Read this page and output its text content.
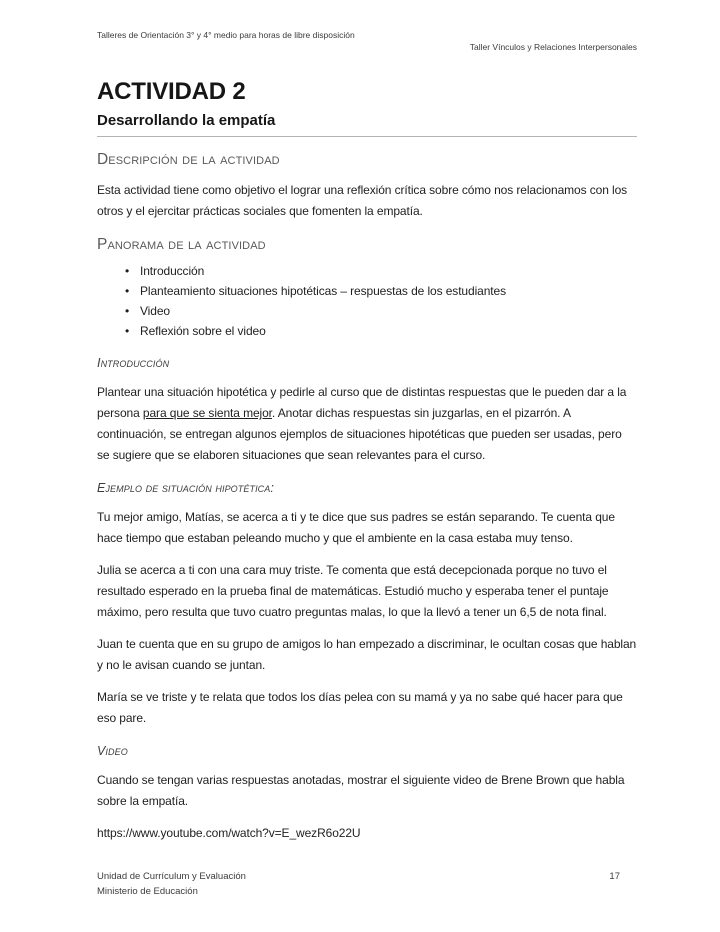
Talleres de Orientación 3° y 4° medio para horas de libre disposición
Taller Vínculos y Relaciones Interpersonales
ACTIVIDAD 2
Desarrollando la empatía
Descripción de la actividad

Esta actividad tiene como objetivo el lograr una reflexión crítica sobre cómo nos relacionamos con los otros y el ejercitar prácticas sociales que fomenten la empatía.

Panorama de la actividad
• Introducción
• Planteamiento situaciones hipotéticas – respuestas de los estudiantes
• Video
• Reflexión sobre el video
Introducción

Plantear una situación hipotética y pedirle al curso que de distintas respuestas que le pueden dar a la persona para que se sienta mejor. Anotar dichas respuestas sin juzgarlas, en el pizarrón. A continuación, se entregan algunos ejemplos de situaciones hipotéticas que pueden ser usadas, pero se sugiere que se elaboren situaciones que sean relevantes para el curso.

Ejemplo de situación hipotética:

Tu mejor amigo, Matías, se acerca a ti y te dice que sus padres se están separando. Te cuenta que hace tiempo que estaban peleando mucho y que el ambiente en la casa estaba muy tenso.

Julia se acerca a ti con una cara muy triste. Te comenta que está decepcionada porque no tuvo el resultado esperado en la prueba final de matemáticas. Estudió mucho y esperaba tener el puntaje máximo, pero resulta que tuvo cuatro preguntas malas, lo que la llevó a tener un 6,5 de nota final.

Juan te cuenta que en su grupo de amigos lo han empezado a discriminar, le ocultan cosas que hablan y no le avisan cuando se juntan.

María se ve triste y te relata que todos los días pelea con su mamá y ya no sabe qué hacer para que eso pare.

Video

Cuando se tengan varias respuestas anotadas, mostrar el siguiente video de Brene Brown que habla sobre la empatía.

https://www.youtube.com/watch?v=E_wezR6o22U

Unidad de Currículum y Evaluación
Ministerio de Educación
17
